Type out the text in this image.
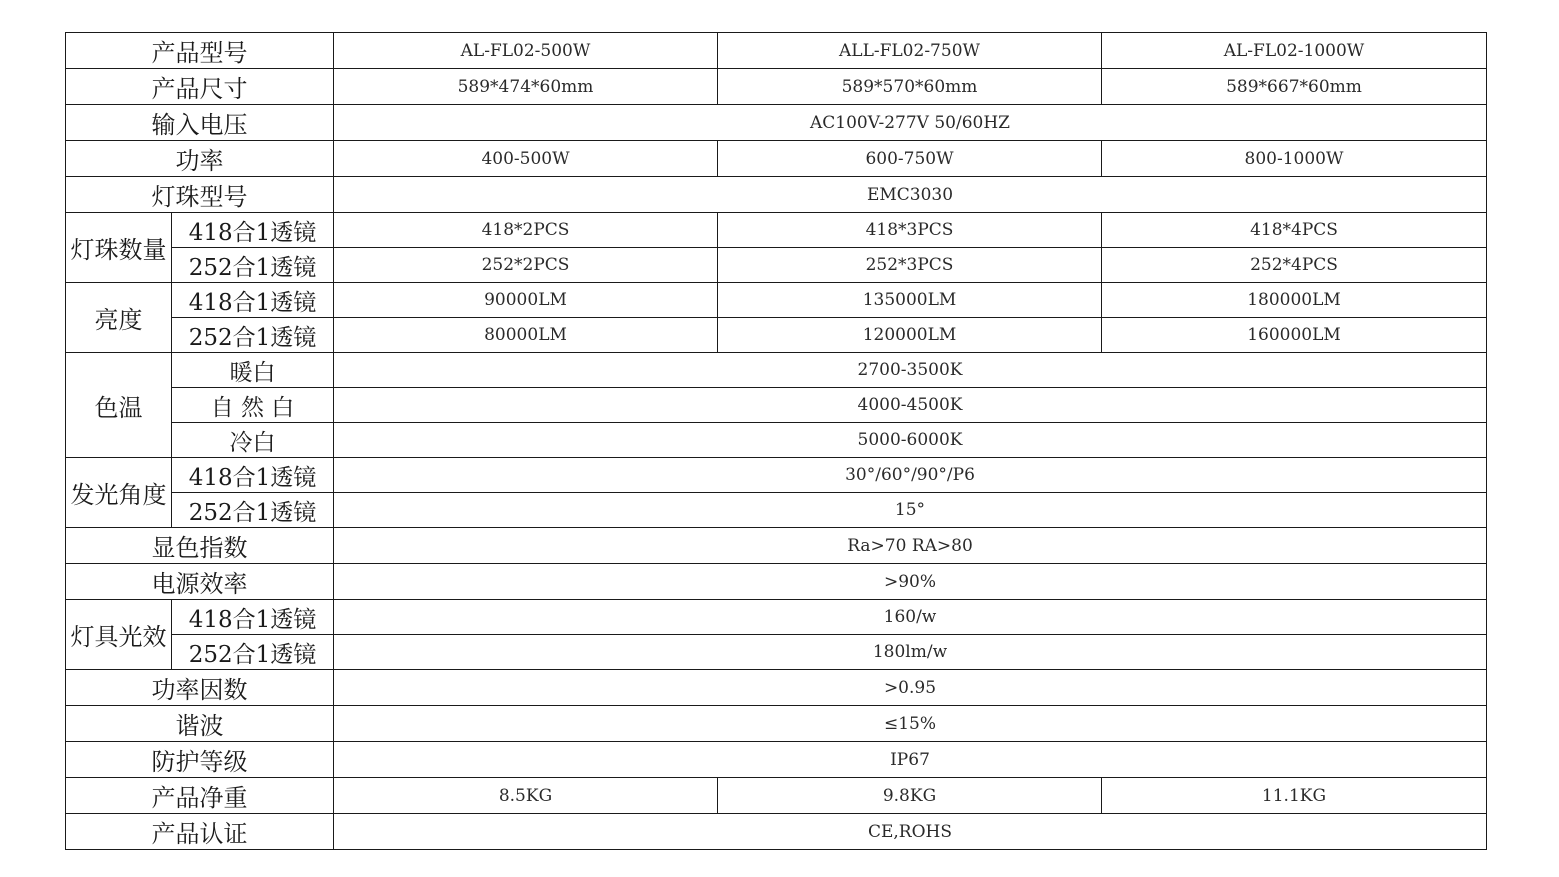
产品型号		AL-FL02-500W	ALL-FL02-750W	AL-FL02-1000W
产品尺寸		589*474*60mm	589*570*60mm	589*667*60mm
输入电压		AC100V-277V 50/60HZ		
功率		400-500W	600-750W	800-1000W
灯珠型号		EMC3030		
灯珠数量	418合1透镜	418*2PCS	418*3PCS	418*4PCS
	252合1透镜	252*2PCS	252*3PCS	252*4PCS
亮度	418合1透镜	90000LM	135000LM	180000LM
	252合1透镜	80000LM	120000LM	160000LM
色温	暖白	2700-3500K		
	自 然 白	4000-4500K		
	冷白	5000-6000K		
发光角度	418合1透镜	30°/60°/90°/P6		
	252合1透镜	15°		
显色指数		Ra>70 RA>80		
电源效率		>90%		
灯具光效	418合1透镜	160/w		
	252合1透镜	180lm/w		
功率因数		>0.95		
谐波		≤15%		
防护等级		IP67		
产品净重		8.5KG	9.8KG	11.1KG
产品认证		CE,ROHS		
